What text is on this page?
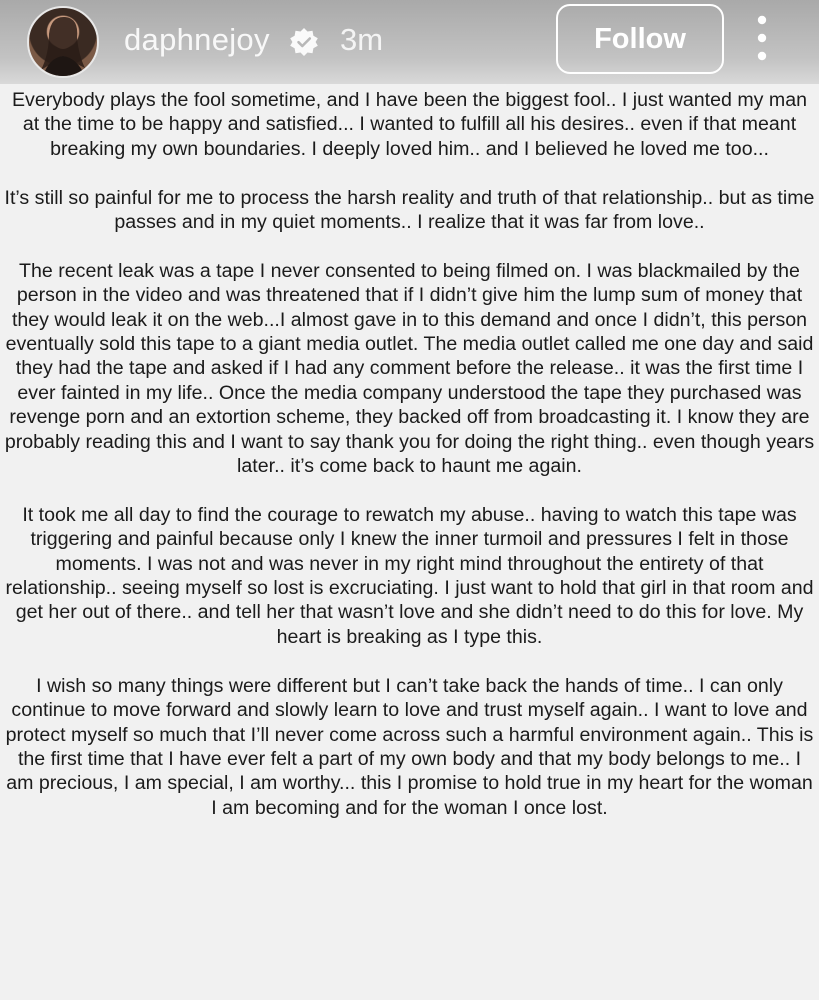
daphnejoy 3m	Follow

Everybody plays the fool sometime, and I have been the biggest fool.. I just wanted my man at the time to be happy and satisfied... I wanted to fulfill all his desires.. even if that meant breaking my own boundaries. I deeply loved him.. and I believed he loved me too...

It’s still so painful for me to process the harsh reality and truth of that relationship.. but as time passes and in my quiet moments.. I realize that it was far from love..

The recent leak was a tape I never consented to being filmed on. I was blackmailed by the person in the video and was threatened that if I didn’t give him the lump sum of money that they would leak it on the web...I almost gave in to this demand and once I didn’t, this person eventually sold this tape to a giant media outlet. The media outlet called me one day and said they had the tape and asked if I had any comment before the release.. it was the first time I ever fainted in my life.. Once the media company understood the tape they purchased was revenge porn and an extortion scheme, they backed off from broadcasting it. I know they are probably reading this and I want to say thank you for doing the right thing.. even though years later.. it’s come back to haunt me again.

It took me all day to find the courage to rewatch my abuse.. having to watch this tape was triggering and painful because only I knew the inner turmoil and pressures I felt in those moments. I was not and was never in my right mind throughout the entirety of that relationship.. seeing myself so lost is excruciating. I just want to hold that girl in that room and get her out of there.. and tell her that wasn’t love and she didn’t need to do this for love. My heart is breaking as I type this.

I wish so many things were different but I can’t take back the hands of time.. I can only continue to move forward and slowly learn to love and trust myself again.. I want to love and protect myself so much that I’ll never come across such a harmful environment again.. This is the first time that I have ever felt a part of my own body and that my body belongs to me.. I am precious, I am special, I am worthy... this I promise to hold true in my heart for the woman I am becoming and for the woman I once lost.
